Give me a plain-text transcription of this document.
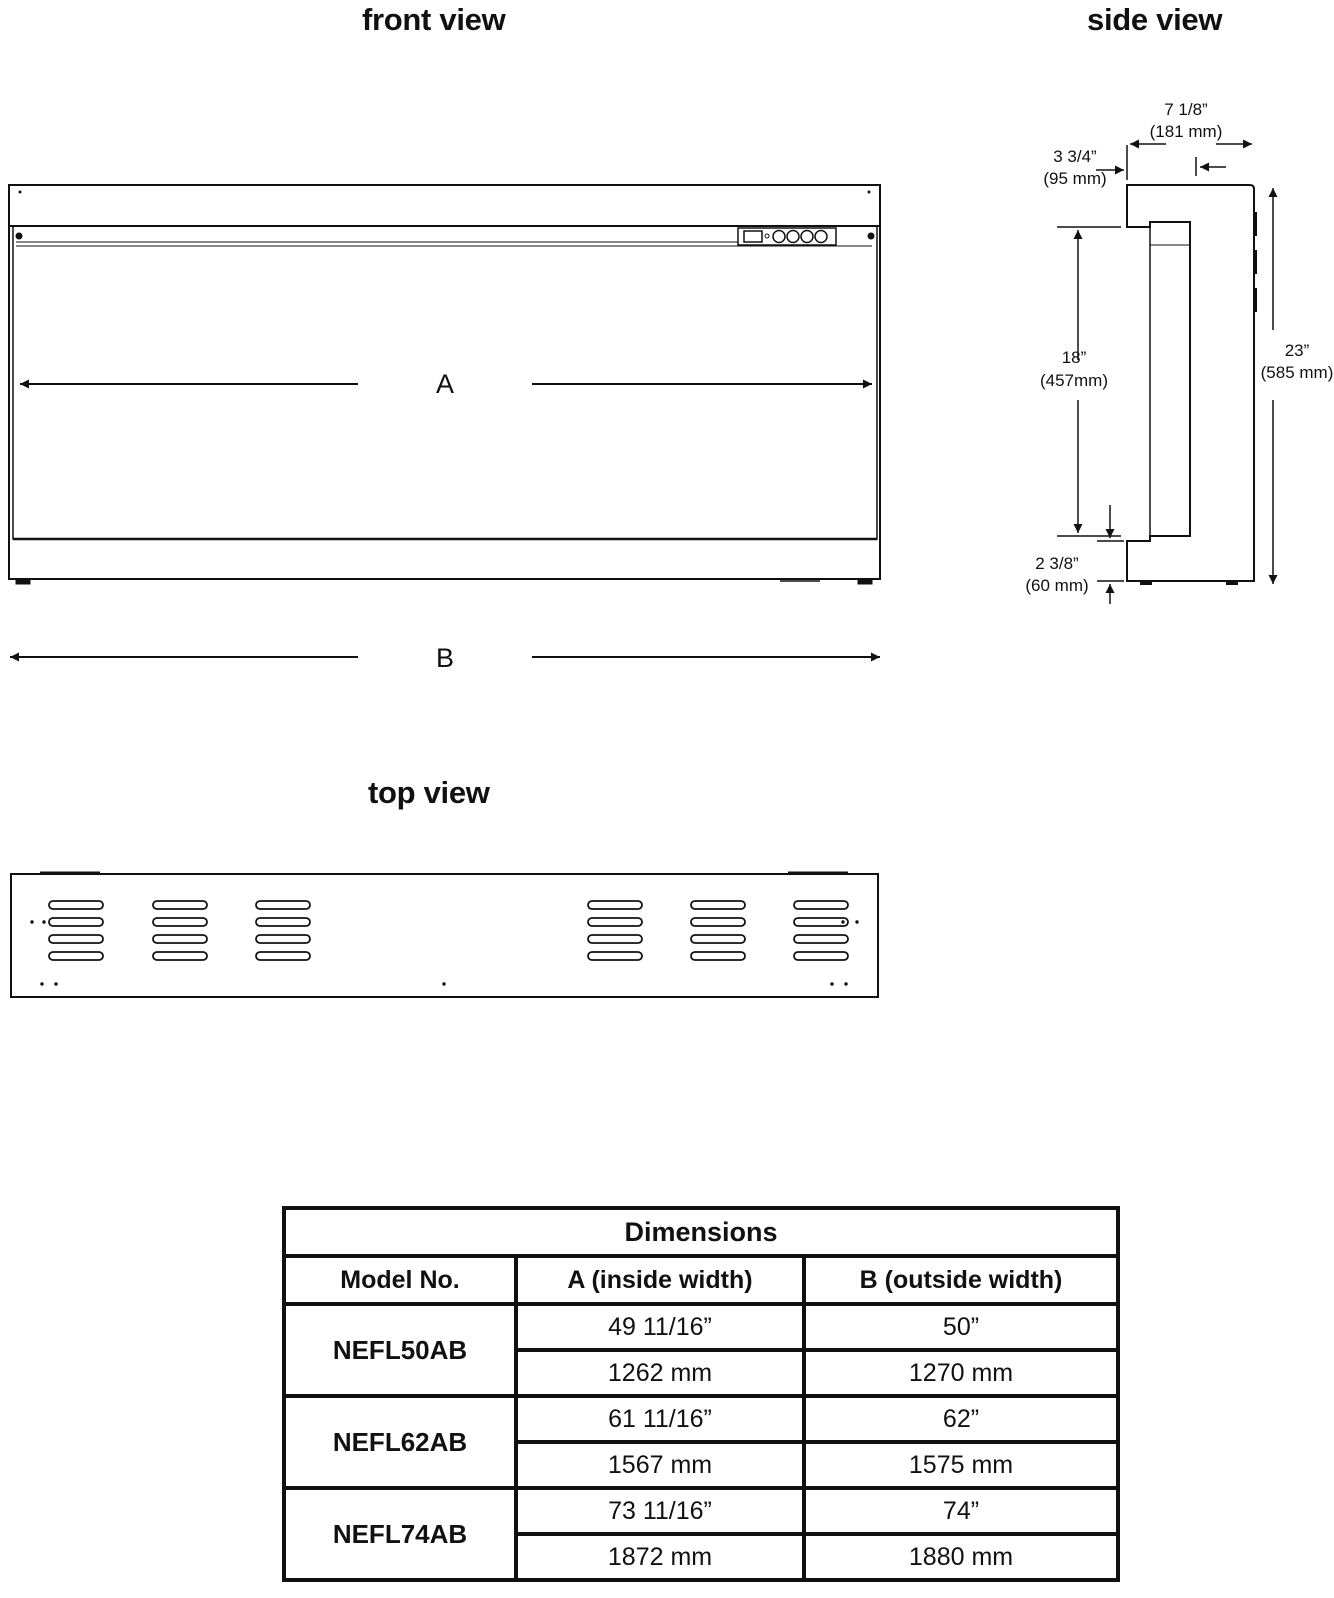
front view	side view
top view
A
B
7 1/8”
(181 mm)
3 3/4”
(95 mm)
18”
(457mm)
23”
(585 mm)
2 3/8”
(60 mm)
Dimensions		
Model No.	A (inside width)	B (outside width)
NEFL50AB	49 11/16”	50”
	1262 mm	1270 mm
NEFL62AB	61 11/16”	62”
	1567 mm	1575 mm
NEFL74AB	73 11/16”	74”
	1872 mm	1880 mm
